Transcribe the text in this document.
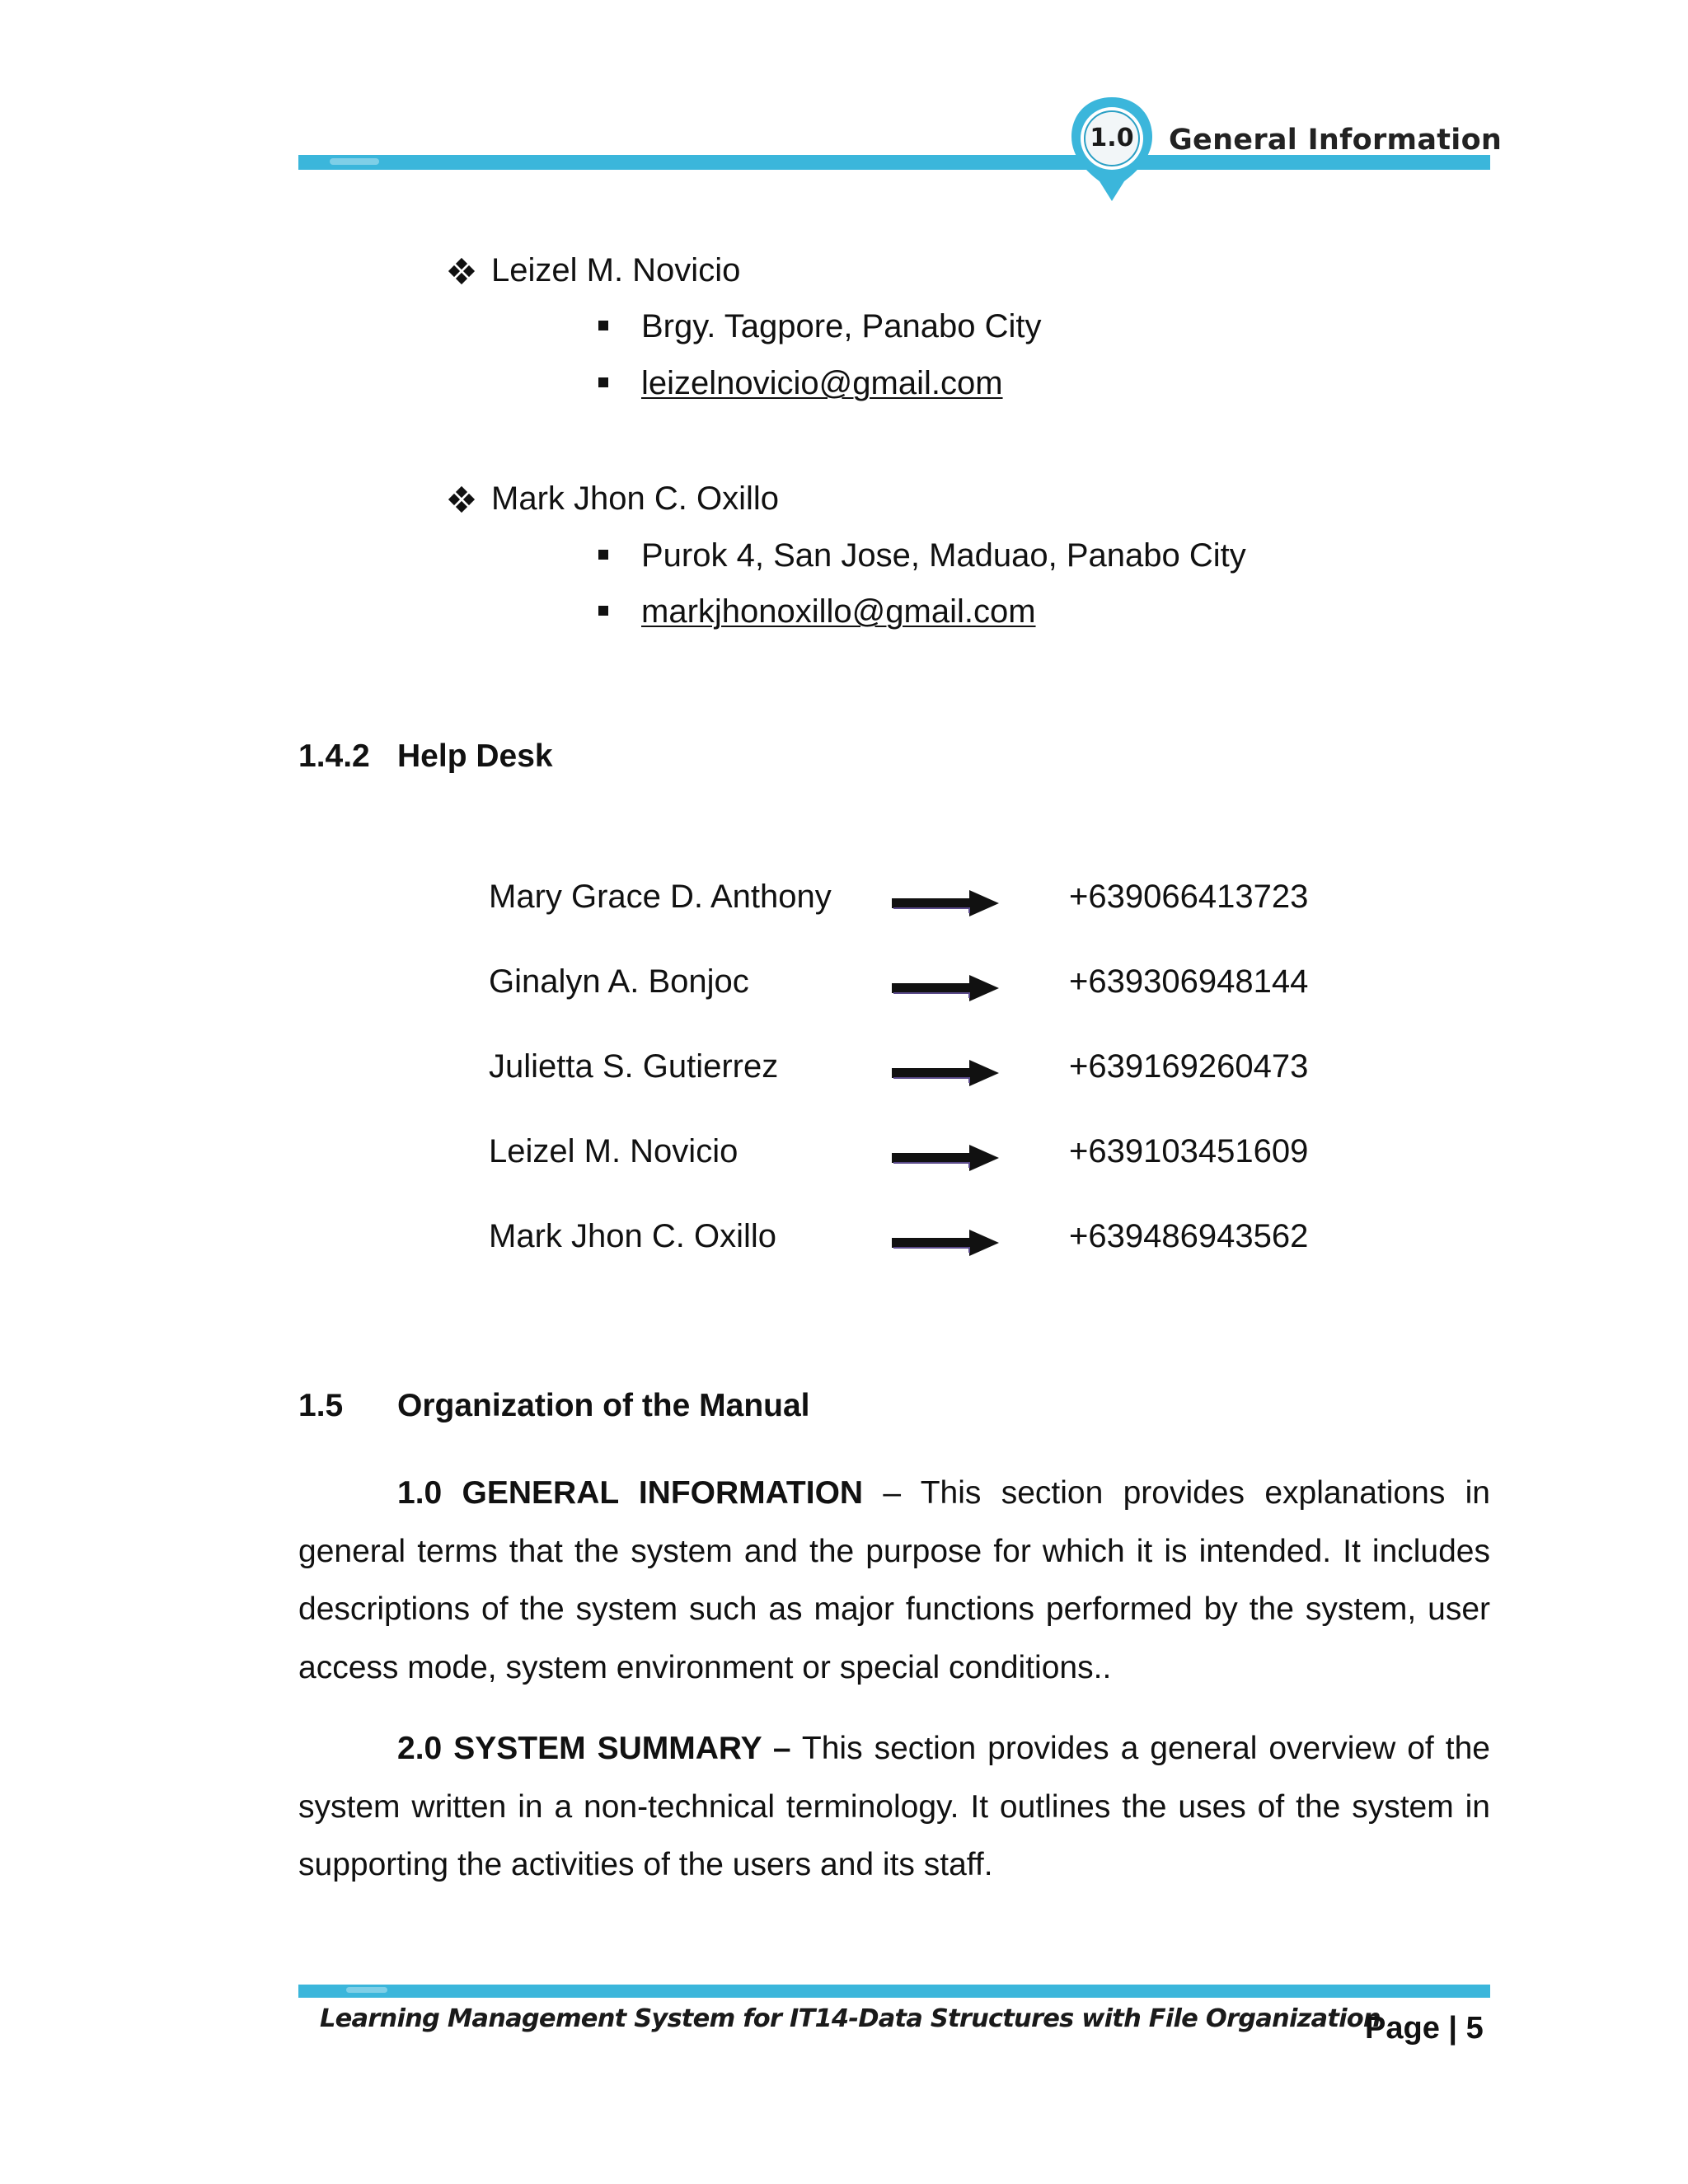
1.0	General Information
Leizel M. Novicio
Brgy. Tagpore, Panabo City
leizelnovicio@gmail.com
Mark Jhon C. Oxillo
Purok 4, San Jose, Maduao, Panabo City
markjhonoxillo@gmail.com
1.4.2 Help Desk
Mary Grace D. Anthony	+639066413723
Ginalyn A. Bonjoc	+639306948144
Julietta S. Gutierrez	+639169260473
Leizel M. Novicio	+639103451609
Mark Jhon C. Oxillo	+639486943562
1.5 Organization of the Manual

1.0 GENERAL INFORMATION – This section provides explanations in general terms that the system and the purpose for which it is intended. It includes descriptions of the system such as major functions performed by the system, user access mode, system environment or special conditions..

2.0 SYSTEM SUMMARY – This section provides a general overview of the system written in a non-technical terminology. It outlines the uses of the system in supporting the activities of the users and its staff.

Learning Management System for IT14-Data Structures with File Organization
Page | 5
